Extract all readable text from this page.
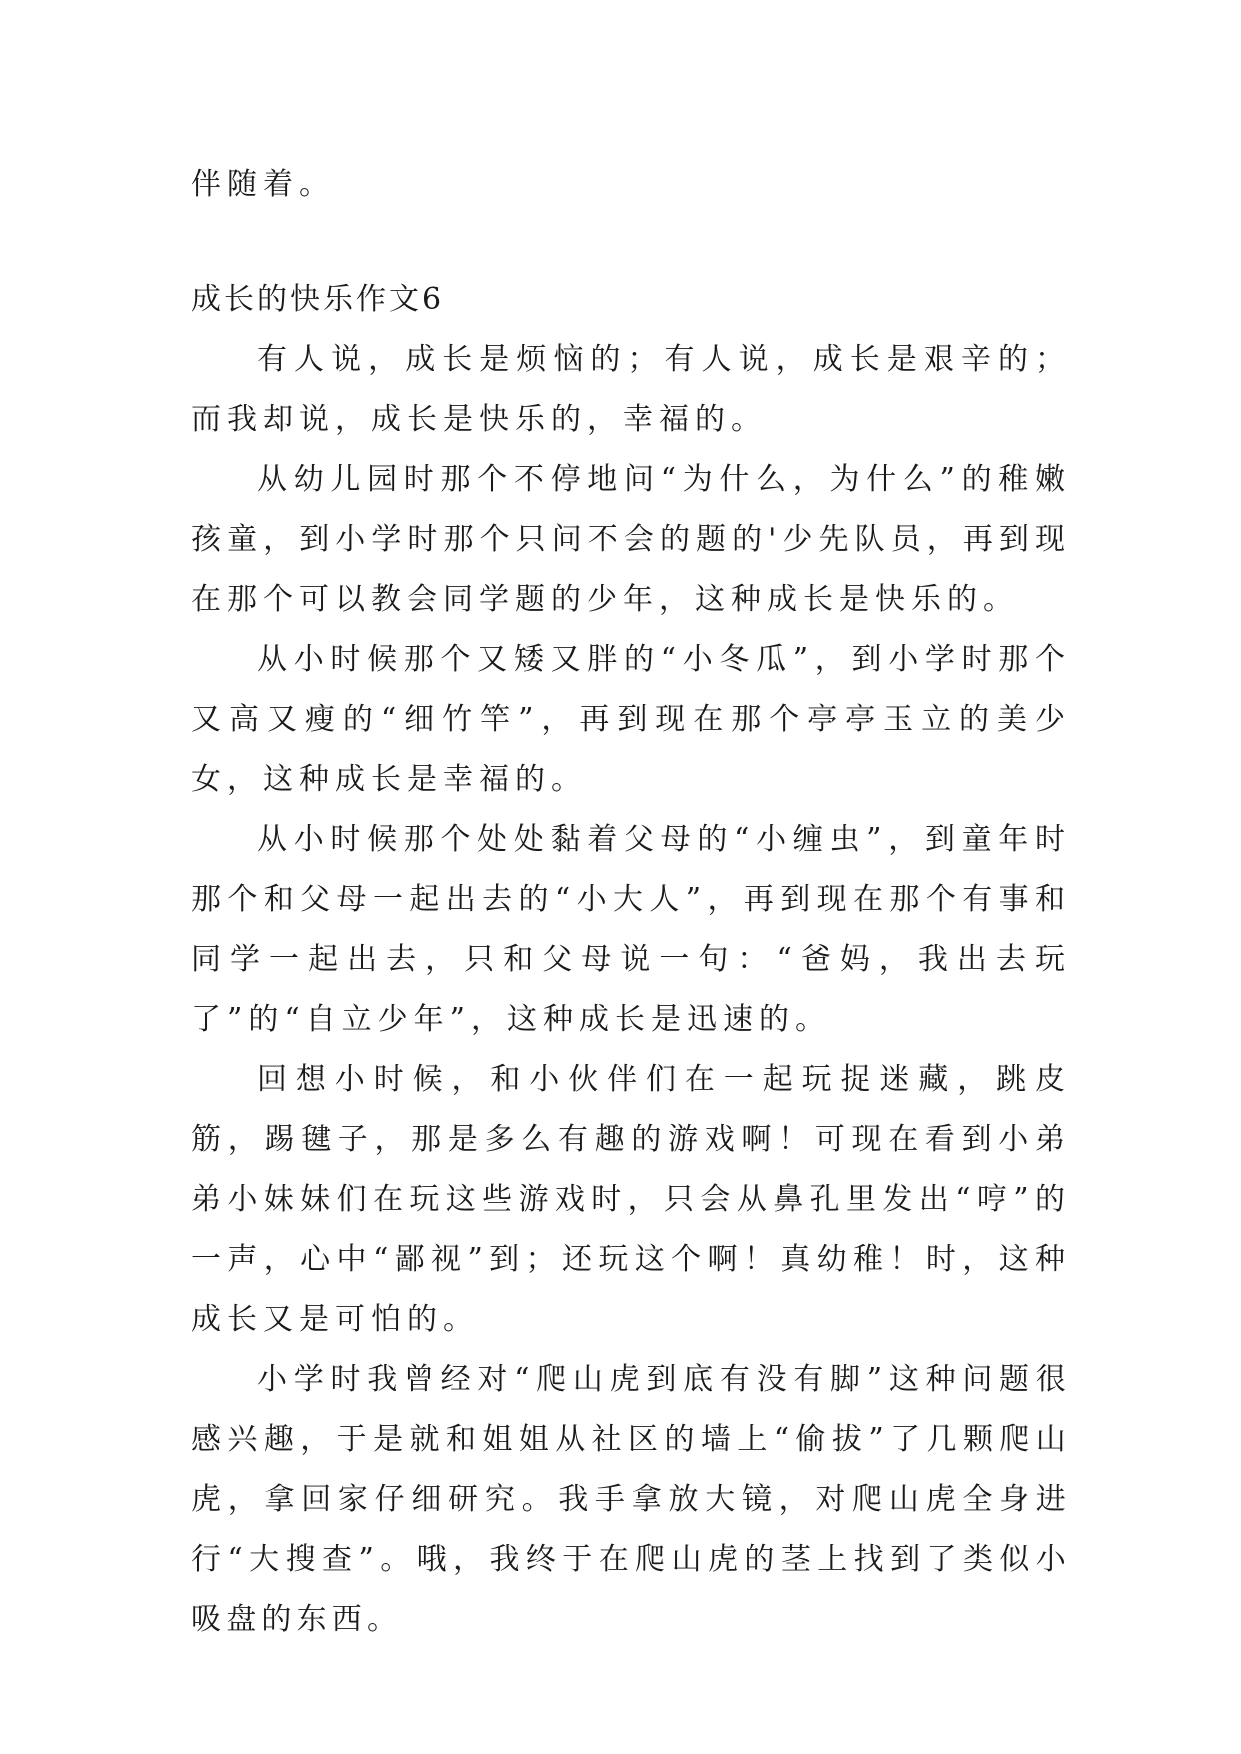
伴随着。
成长的快乐作文6

有人说，成长是烦恼的；有人说，成长是艰辛的；而我却说，成长是快乐的，幸福的。

从幼儿园时那个不停地问“为什么，为什么”的稚嫩孩童，到小学时那个只问不会的题的'少先队员，再到现在那个可以教会同学题的少年，这种成长是快乐的。

从小时候那个又矮又胖的“小冬瓜”，到小学时那个又高又瘦的“细竹竿”，再到现在那个亭亭玉立的美少女，这种成长是幸福的。

从小时候那个处处黏着父母的“小缠虫”，到童年时那个和父母一起出去的“小大人”，再到现在那个有事和同学一起出去，只和父母说一句：“爸妈，我出去玩了”的“自立少年”，这种成长是迅速的。

回想小时候，和小伙伴们在一起玩捉迷藏，跳皮筋，踢毽子，那是多么有趣的游戏啊！可现在看到小弟弟小妹妹们在玩这些游戏时，只会从鼻孔里发出“哼”的一声，心中“鄙视”到；还玩这个啊！真幼稚！时，这种成长又是可怕的。

小学时我曾经对“爬山虎到底有没有脚”这种问题很感兴趣，于是就和姐姐从社区的墙上“偷拔”了几颗爬山虎，拿回家仔细研究。我手拿放大镜，对爬山虎全身进行“大搜查”。哦，我终于在爬山虎的茎上找到了类似小吸盘的东西。
